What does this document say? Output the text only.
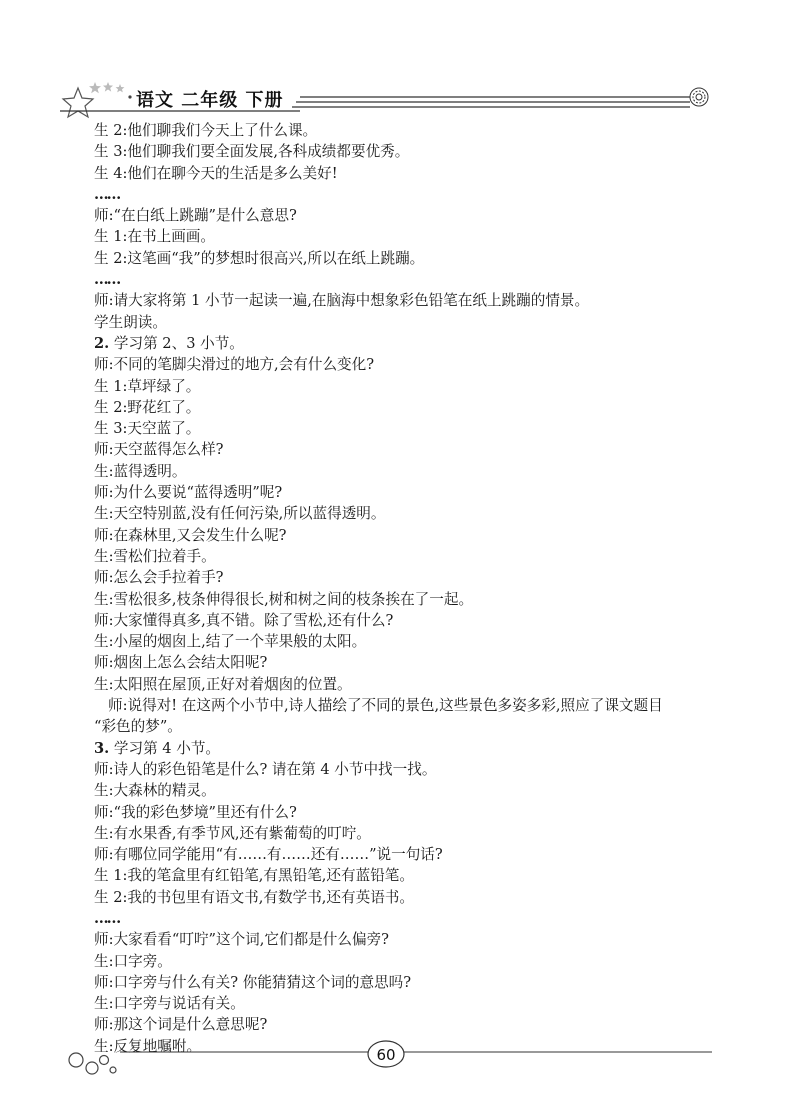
语文 二年级 下册
生 2:他们聊我们今天上了什么课。
生 3:他们聊我们要全面发展,各科成绩都要优秀。
生 4:他们在聊今天的生活是多么美好!
……
师:“在白纸上跳蹦”是什么意思?
生 1:在书上画画。
生 2:这笔画“我”的梦想时很高兴,所以在纸上跳蹦。
……
师:请大家将第 1 小节一起读一遍,在脑海中想象彩色铅笔在纸上跳蹦的情景。
学生朗读。
2. 学习第 2、3 小节。
师:不同的笔脚尖滑过的地方,会有什么变化?
生 1:草坪绿了。
生 2:野花红了。
生 3:天空蓝了。
师:天空蓝得怎么样?
生:蓝得透明。
师:为什么要说“蓝得透明”呢?
生:天空特别蓝,没有任何污染,所以蓝得透明。
师:在森林里,又会发生什么呢?
生:雪松们拉着手。
师:怎么会手拉着手?
生:雪松很多,枝条伸得很长,树和树之间的枝条挨在了一起。
师:大家懂得真多,真不错。除了雪松,还有什么?
生:小屋的烟囱上,结了一个苹果般的太阳。
师:烟囱上怎么会结太阳呢?
生:太阳照在屋顶,正好对着烟囱的位置。
师:说得对! 在这两个小节中,诗人描绘了不同的景色,这些景色多姿多彩,照应了课文题目
“彩色的梦”。
3. 学习第 4 小节。
师:诗人的彩色铅笔是什么? 请在第 4 小节中找一找。
生:大森林的精灵。
师:“我的彩色梦境”里还有什么?
生:有水果香,有季节风,还有紫葡萄的叮咛。
师:有哪位同学能用“有……有……还有……”说一句话?
生 1:我的笔盒里有红铅笔,有黑铅笔,还有蓝铅笔。
生 2:我的书包里有语文书,有数学书,还有英语书。
……
师:大家看看“叮咛”这个词,它们都是什么偏旁?
生:口字旁。
师:口字旁与什么有关? 你能猜猜这个词的意思吗?
生:口字旁与说话有关。
师:那这个词是什么意思呢?
生:反复地嘱咐。	60
